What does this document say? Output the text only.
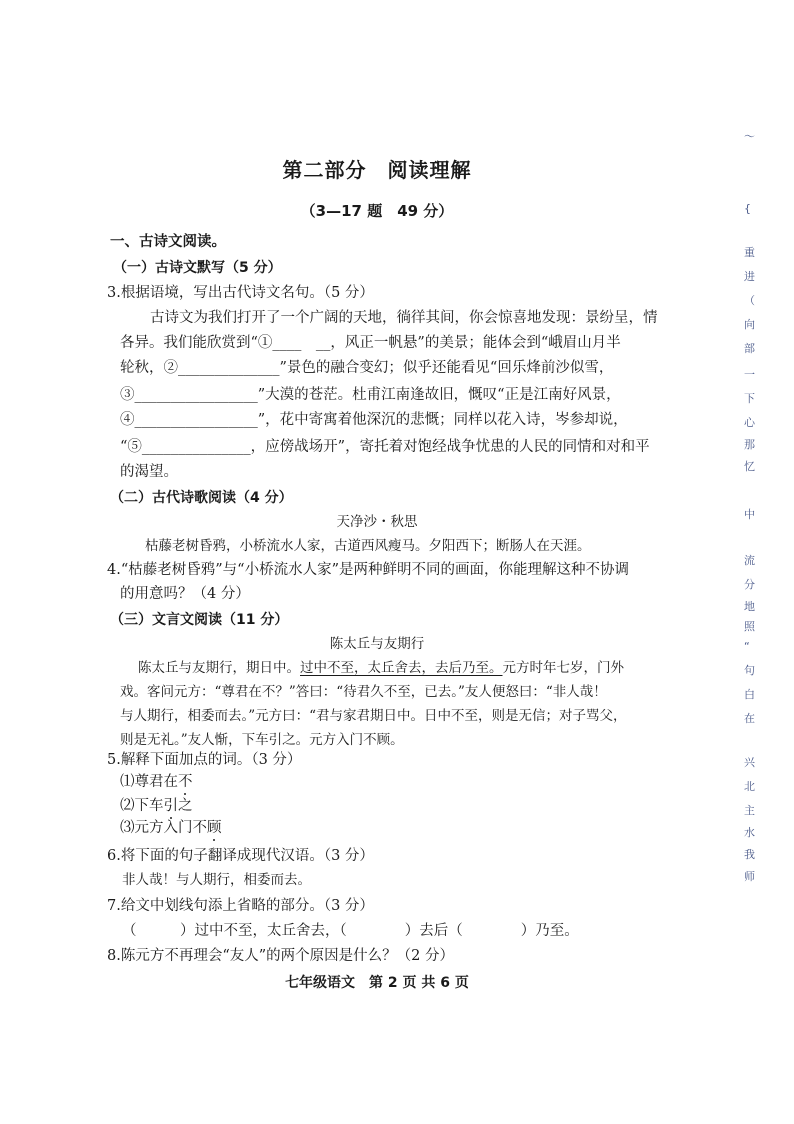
第二部分　阅读理解
（3—17 题　49 分）
一、古诗文阅读。
（一）古诗文默写（5 分）
3.根据语境，写出古代诗文名句。（5 分）
古诗文为我们打开了一个广阔的天地，徜徉其间，你会惊喜地发现：景纷呈，情
各异。我们能欣赏到“①____　__，风正一帆悬”的美景；能体会到“峨眉山月半
轮秋，②______________”景色的融合变幻；似乎还能看见“回乐烽前沙似雪，
③_________________”大漠的苍茫。杜甫江南逢故旧，慨叹“正是江南好风景，
④_________________”，花中寄寓着他深沉的悲慨；同样以花入诗，岑参却说，
“⑤_______________，应傍战场开”，寄托着对饱经战争忧患的人民的同情和对和平
的渴望。
（二）古代诗歌阅读（4 分）
天净沙・秋思
枯藤老树昏鸦，小桥流水人家，古道西风瘦马。夕阳西下；断肠人在天涯。
4.“枯藤老树昏鸦”与“小桥流水人家”是两种鲜明不同的画面，你能理解这种不协调
的用意吗？（4 分）
（三）文言文阅读（11 分）
陈太丘与友期行
陈太丘与友期行，期日中。过中不至，太丘舍去，去后乃至。元方时年七岁，门外
戏。客问元方：“尊君在不？”答曰：“待君久不至，已去。”友人便怒曰：“非人哉！
与人期行，相委而去。”元方曰：“君与家君期日中。日中不至，则是无信；对子骂父，
则是无礼。”友人惭，下车引之。元方入门不顾。
5.解释下面加点的词。（3 分）
⑴尊君在不
⑵下车引之
⑶元方入门不顾
6.将下面的句子翻译成现代汉语。（3 分）
非人哉！与人期行，相委而去。
7.给文中划线句添上省略的部分。（3 分）
（　　　）过中不至，太丘舍去，（　　　　）去后（　　　　）乃至。
8.陈元方不再理会“友人”的两个原因是什么？（2 分）
七年级语文　第 2 页 共 6 页
〜
{
重
进
（
向
部
一
下
心
那
忆
中
流
分
地
照
“
句
白
在
兴
北
主
水
我
师
